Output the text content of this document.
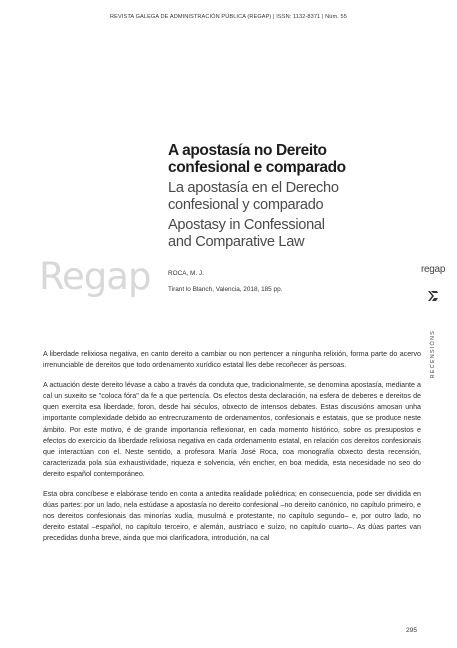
REVISTA GALEGA DE ADMINISTRACIÓN PÚBLICA (REGAP) | ISSN: 1132-8371 | Núm. 55
A apostasía no Dereito
confesional e comparado
La apostasía en el Derecho
confesional y comparado
Apostasy in Confessional
and Comparative Law
Regap	ROCA, M. J.
Tirant lo Blanch, Valencia, 2018, 185 pp.
regap
RECENSIÓNS

A liberdade relixiosa negativa, en canto dereito a cambiar ou non pertencer a ningunha relixión, forma parte do acervo irrenunciable de dereitos que todo ordenamento xurídico estatal lles debe recoñecer ás persoas.

A actuación deste dereito lévase a cabo a través da conduta que, tradicionalmente, se denomina apostasía, mediante a cal un suxeito se "coloca fóra" da fe a que pertencía. Os efectos desta declaración, na esfera de deberes e dereitos de quen exercita esa liberdade, foron, desde hai séculos, obxecto de intensos debates. Estas discusións amosan unha importante complexidade debido ao entrecruzamento de ordenamentos, confesionais e estatais, que se produce neste ámbito. Por este motivo, é de grande importancia reflexionar, en cada momento histórico, sobre os presupostos e efectos do exercicio da liberdade relixiosa negativa en cada ordenamento estatal, en relación cos dereitos confesionais que interactúan con el. Neste sentido, a profesora María José Roca, coa monografía obxecto desta recensión, caracterizada pola súa exhaustividade, riqueza e solvencia, vén encher, en boa medida, esta necesidade no seo do dereito español contemporáneo.

Esta obra concíbese e elabórase tendo en conta a antedita realidade poliédrica; en consecuencia, pode ser dividida en dúas partes: por un lado, nela estúdase a apostasía no dereito confesional –no dereito canónico, no capítulo primeiro, e nos dereitos confesionais das minorías xudía, musulmá e protestante, no capítulo segundo– e, por outro lado, no dereito estatal –español, no capítulo terceiro, e alemán, austríaco e suízo, no capítulo cuarto–. As dúas partes van precedidas dunha breve, ainda que moi clarificadora, introdución, na cal

295
